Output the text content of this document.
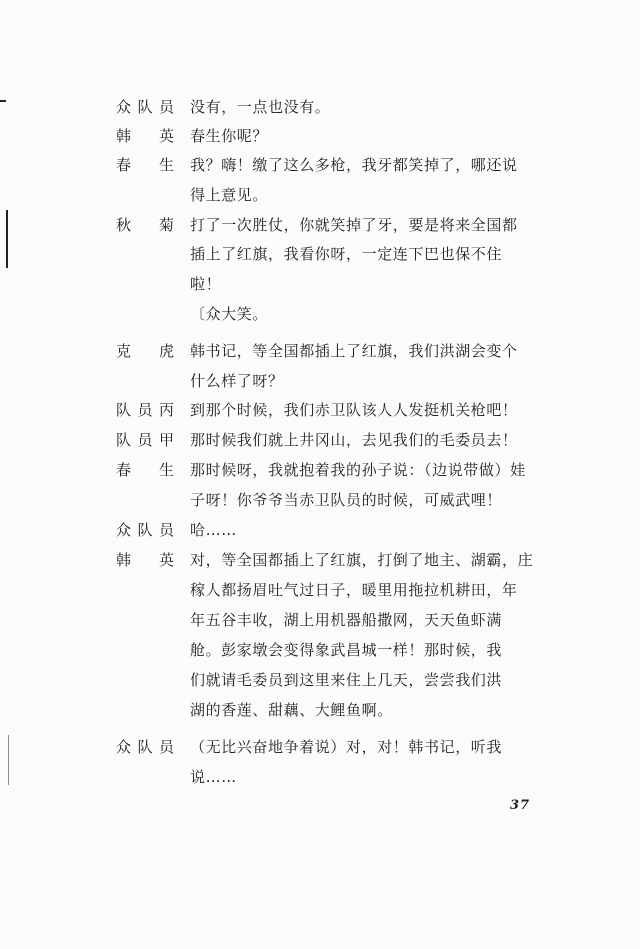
众队员 没有，一点也没有。
韩　英 春生你呢？
春　生 我？嗨！缴了这么多枪，我牙都笑掉了，哪还说
得上意见。
秋　菊 打了一次胜仗，你就笑掉了牙，要是将来全国都
插上了红旗，我看你呀，一定连下巴也保不住
啦！
〔众大笑。
克　虎 韩书记，等全国都插上了红旗，我们洪湖会变个
什么样了呀？
队员丙 到那个时候，我们赤卫队该人人发挺机关枪吧！
队员甲 那时候我们就上井冈山，去见我们的毛委员去！
春　生 那时候呀，我就抱着我的孙子说：（边说带做）娃
子呀！你爷爷当赤卫队员的时候，可威武哩！
众队员 哈……
韩　英 对，等全国都插上了红旗，打倒了地主、湖霸，庄
稼人都扬眉吐气过日子，暖里用拖拉机耕田，年
年五谷丰收，湖上用机器船撒网，天天鱼虾满
舱。彭家墩会变得象武昌城一样！那时候，我
们就请毛委员到这里来住上几天，尝尝我们洪
湖的香莲、甜藕、大鲤鱼啊。
众队员 （无比兴奋地争着说）对，对！韩书记，听我
说……
37
